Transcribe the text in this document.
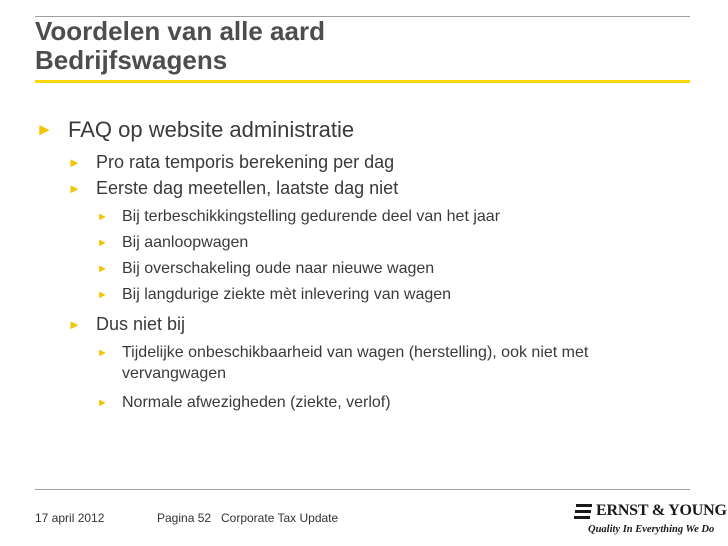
Voordelen van alle aard
Bedrijfswagens
► FAQ op website administratie
► Pro rata temporis berekening per dag
► Eerste dag meetellen, laatste dag niet
► Bij terbeschikkingstelling gedurende deel van het jaar
► Bij aanloopwagen
► Bij overschakeling oude naar nieuwe wagen
► Bij langdurige ziekte mèt inlevering van wagen
► Dus niet bij
► Tijdelijke onbeschikbaarheid van wagen (herstelling), ook niet met vervangwagen
► Normale afwezigheden (ziekte, verlof)
17 april 2012	Pagina 52 Corporate Tax Update	ERNST & YOUNG
Quality In Everything We Do
